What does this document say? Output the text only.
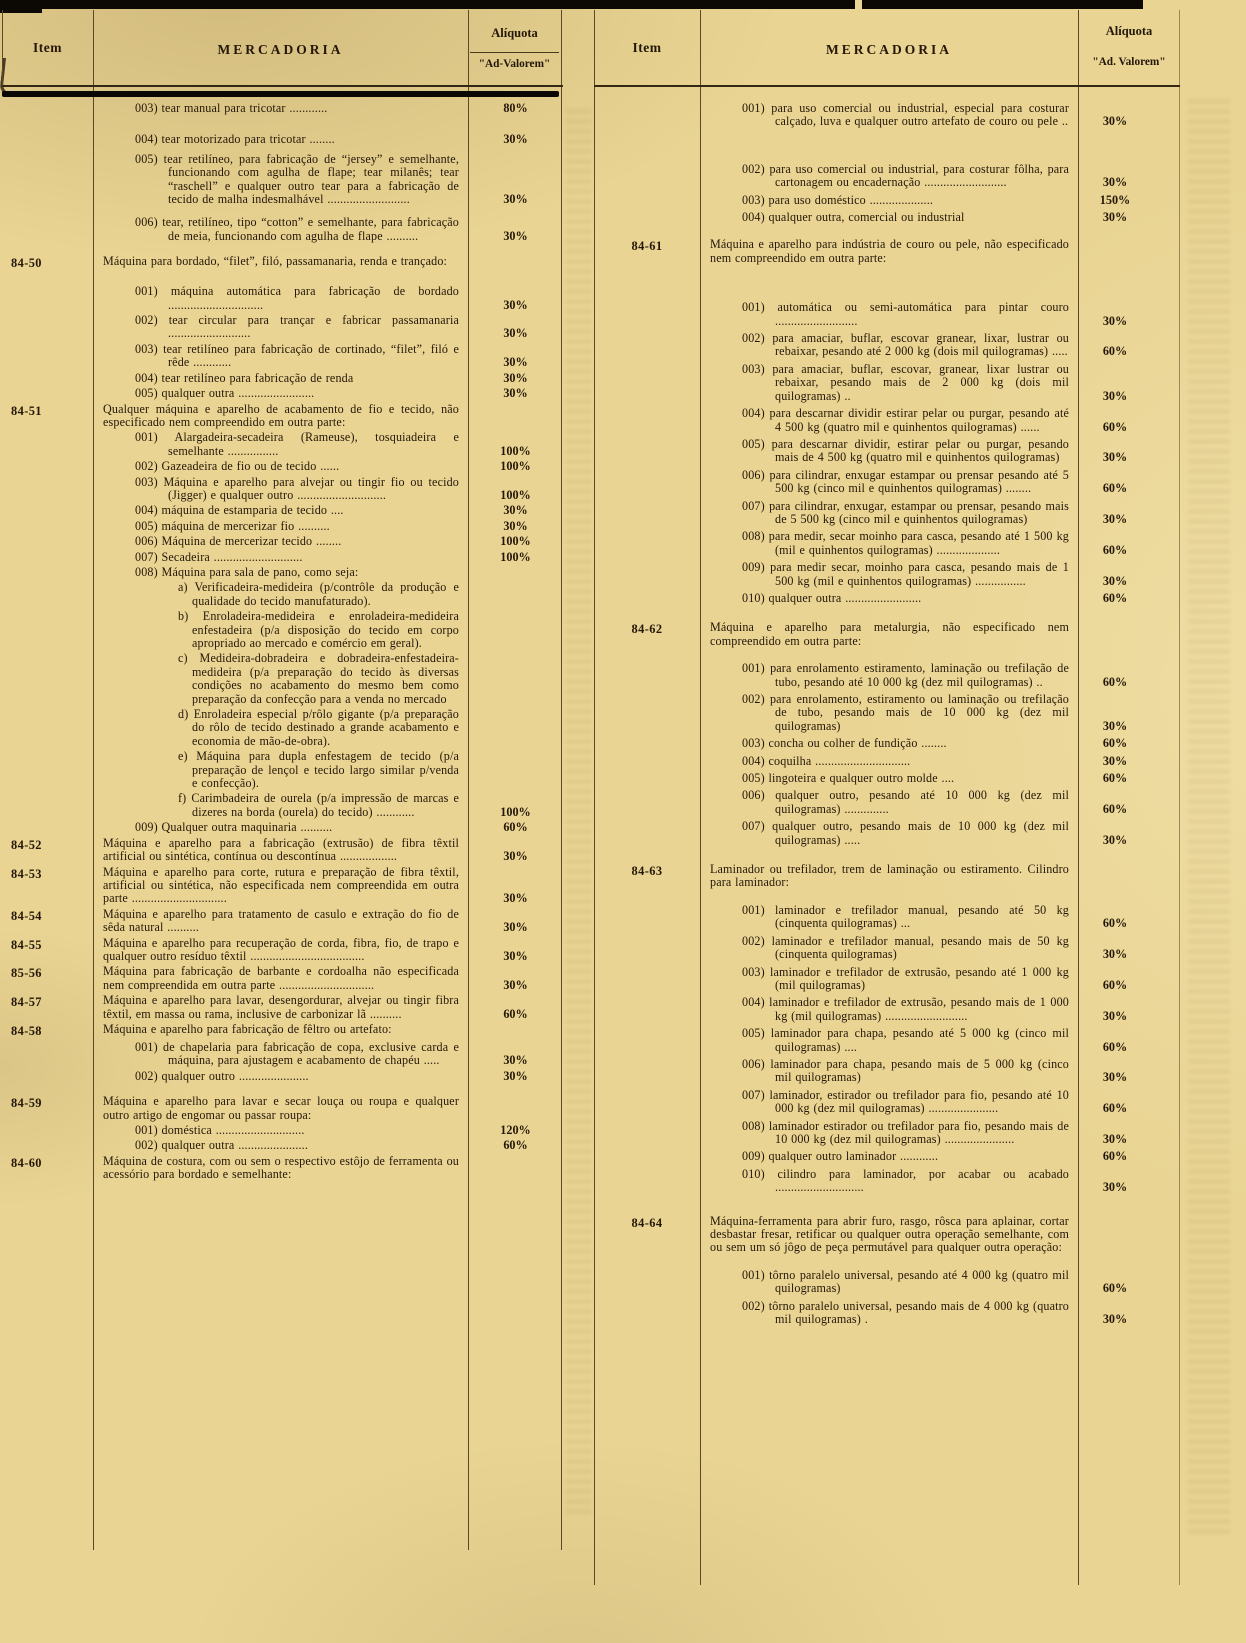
Item	MERCADORIA
Alíquota
"Ad-Valorem"
003) tear manual para tricotar ............	80%
004) tear motorizado para tricotar ........	30%
005) tear retilíneo, para fabricação de “jersey” e semelhante, funcionando com agulha de flape; tear milanês; tear “raschell” e qualquer outro tear para a fabricação de tecido de malha indesmalhável ..........................	30%
006) tear, retilíneo, tipo “cotton” e semelhante, para fabricação de meia, funcionando com agulha de flape ..........	30%
84-50	Máquina para bordado, “filet”, filó, passamanaria, renda e trançado:
001) máquina automática para fabricação de bordado ..............................	30%
002) tear circular para trançar e fabricar passamanaria ..........................	30%
003) tear retilíneo para fabricação de cortinado, “filet”, filó e rêde ............	30%
004) tear retilíneo para fabricação de renda	30%
005) qualquer outra ........................	30%
84-51	Qualquer máquina e aparelho de acabamento de fio e tecido, não especificado nem compreendido em outra parte:
001) Alargadeira-secadeira (Rameuse), tosquiadeira e semelhante ................	100%
002) Gazeadeira de fio ou de tecido ......	100%
003) Máquina e aparelho para alvejar ou tingir fio ou tecido (Jigger) e qualquer outro ............................	100%
004) máquina de estamparia de tecido ....	30%
005) máquina de mercerizar fio ..........	30%
006) Máquina de mercerizar tecido ........	100%
007) Secadeira ............................	100%
008) Máquina para sala de pano, como seja:
a) Verificadeira-medideira (p/contrôle da produção e qualidade do tecido manufaturado).
b) Enroladeira-medideira e enroladeira-medideira enfestadeira (p/a disposição do tecido em corpo apropriado ao mercado e comércio em geral).
c) Medideira-dobradeira e dobradeira-enfestadeira-medideira (p/a preparação do tecido às diversas condições no acabamento do mesmo bem como preparação da confecção para a venda no mercado
d) Enroladeira especial p/rôlo gigante (p/a preparação do rôlo de tecido destinado a grande acabamento e economia de mão-de-obra).
e) Máquina para dupla enfestagem de tecido (p/a preparação de lençol e tecido largo similar p/venda e confecção).
f) Carimbadeira de ourela (p/a impressão de marcas e dizeres na borda (ourela) do tecido) ............	100%
009) Qualquer outra maquinaria ..........	60%
84-52	Máquina e aparelho para a fabricação (extrusão) de fibra têxtil artificial ou sintética, contínua ou descontínua ..................	30%
84-53	Máquina e aparelho para corte, rutura e preparação de fibra têxtil, artificial ou sintética, não especificada nem compreendida em outra parte ..............................	30%
84-54	Máquina e aparelho para tratamento de casulo e extração do fio de sêda natural ..........	30%
84-55	Máquina e aparelho para recuperação de corda, fibra, fio, de trapo e qualquer outro resíduo têxtil ....................................	30%
85-56	Máquina para fabricação de barbante e cordoalha não especificada nem compreendida em outra parte ..............................	30%
84-57	Máquina e aparelho para lavar, desengordurar, alvejar ou tingir fibra têxtil, em massa ou rama, inclusive de carbonizar lã ..........	60%
84-58	Máquina e aparelho para fabricação de fêltro ou artefato:
001) de chapelaria para fabricação de copa, exclusive carda e máquina, para ajustagem e acabamento de chapéu .....	30%
002) qualquer outro ......................	30%
84-59	Máquina e aparelho para lavar e secar louça ou roupa e qualquer outro artigo de engomar ou passar roupa:
001) doméstica ............................	120%
002) qualquer outra ......................	60%
84-60	Máquina de costura, com ou sem o respectivo estôjo de ferramenta ou acessório para bordado e semelhante:
Item	MERCADORIA
Alíquota
"Ad. Valorem"
001) para uso comercial ou industrial, especial para costurar calçado, luva e qualquer outro artefato de couro ou pele ..	30%
002) para uso comercial ou industrial, para costurar fôlha, para cartonagem ou encadernação ..........................	30%
003) para uso doméstico ....................	150%
004) qualquer outra, comercial ou industrial	30%
84-61	Máquina e aparelho para indústria de couro ou pele, não especificado nem compreendido em outra parte:
001) automática ou semi-automática para pintar couro ..........................	30%
002) para amaciar, buflar, escovar granear, lixar, lustrar ou rebaixar, pesando até 2 000 kg (dois mil quilogramas) .....	60%
003) para amaciar, buflar, escovar, granear, lixar lustrar ou rebaixar, pesando mais de 2 000 kg (dois mil quilogramas) ..	30%
004) para descarnar dividir estirar pelar ou purgar, pesando até 4 500 kg (quatro mil e quinhentos quilogramas) ......	60%
005) para descarnar dividir, estirar pelar ou purgar, pesando mais de 4 500 kg (quatro mil e quinhentos quilogramas)	30%
006) para cilindrar, enxugar estampar ou prensar pesando até 5 500 kg (cinco mil e quinhentos quilogramas) ........	60%
007) para cilindrar, enxugar, estampar ou prensar, pesando mais de 5 500 kg (cinco mil e quinhentos quilogramas)	30%
008) para medir, secar moinho para casca, pesando até 1 500 kg (mil e quinhentos quilogramas) ....................	60%
009) para medir secar, moinho para casca, pesando mais de 1 500 kg (mil e quinhentos quilogramas) ................	30%
010) qualquer outra ........................	60%
84-62	Máquina e aparelho para metalurgia, não especificado nem compreendido em outra parte:
001) para enrolamento estiramento, laminação ou trefilação de tubo, pesando até 10 000 kg (dez mil quilogramas) ..	60%
002) para enrolamento, estiramento ou laminação ou trefilação de tubo, pesando mais de 10 000 kg (dez mil quilogramas)	30%
003) concha ou colher de fundição ........	60%
004) coquilha ..............................	30%
005) lingoteira e qualquer outro molde ....	60%
006) qualquer outro, pesando até 10 000 kg (dez mil quilogramas) ..............	60%
007) qualquer outro, pesando mais de 10 000 kg (dez mil quilogramas) .....	30%
84-63	Laminador ou trefilador, trem de laminação ou estiramento. Cilindro para laminador:
001) laminador e trefilador manual, pesando até 50 kg (cinquenta quilogramas) ...	60%
002) laminador e trefilador manual, pesando mais de 50 kg (cinquenta quilogramas)	30%
003) laminador e trefilador de extrusão, pesando até 1 000 kg (mil quilogramas)	60%
004) laminador e trefilador de extrusão, pesando mais de 1 000 kg (mil quilogramas) ..........................	30%
005) laminador para chapa, pesando até 5 000 kg (cinco mil quilogramas) ....	60%
006) laminador para chapa, pesando mais de 5 000 kg (cinco mil quilogramas)	30%
007) laminador, estirador ou trefilador para fio, pesando até 10 000 kg (dez mil quilogramas) ......................	60%
008) laminador estirador ou trefilador para fio, pesando mais de 10 000 kg (dez mil quilogramas) ......................	30%
009) qualquer outro laminador ............	60%
010) cilindro para laminador, por acabar ou acabado ............................	30%
84-64	Máquina-ferramenta para abrir furo, rasgo, rôsca para aplainar, cortar desbastar fresar, retificar ou qualquer outra operação semelhante, com ou sem um só jôgo de peça permutável para qualquer outra operação:
001) tôrno paralelo universal, pesando até 4 000 kg (quatro mil quilogramas)	60%
002) tôrno paralelo universal, pesando mais de 4 000 kg (quatro mil quilogramas) .	30%
